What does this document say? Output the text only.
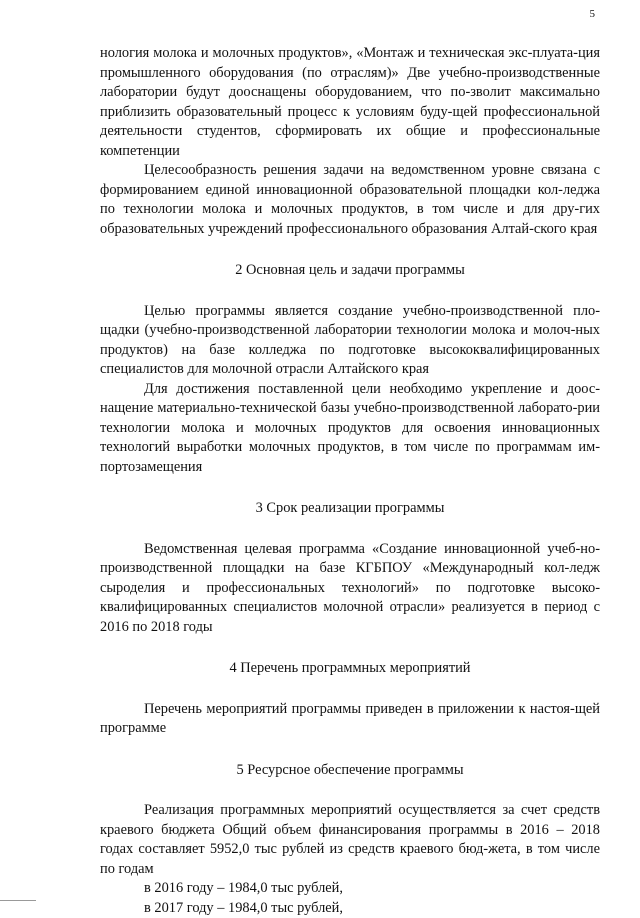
5

нология молока и молочных продуктов», «Монтаж и техническая экс-плуата-ция промышленного оборудования (по отраслям)» Две учебно-производственные лаборатории будут дооснащены оборудованием, что по-зволит максимально приблизить образовательный процесс к условиям буду-щей профессиональной деятельности студентов, сформировать их общие и профессиональные компетенции

Целесообразность решения задачи на ведомственном уровне связана с формированием единой инновационной образовательной площадки кол-леджа по технологии молока и молочных продуктов, в том числе и для дру-гих образовательных учреждений профессионального образования Алтай-ского края

2 Основная цель и задачи программы

Целью программы является создание учебно-производственной пло-щадки (учебно-производственной лаборатории технологии молока и молоч-ных продуктов) на базе колледжа по подготовке высококвалифицированных специалистов для молочной отрасли Алтайского края

Для достижения поставленной цели необходимо укрепление и доос-нащение материально-технической базы учебно-производственной лаборато-рии технологии молока и молочных продуктов для освоения инновационных технологий выработки молочных продуктов, в том числе по программам им-портозамещения

3 Срок реализации программы

Ведомственная целевая программа «Создание инновационной учеб-но-производственной площадки на базе КГБПОУ «Международный кол-ледж сыроделия и профессиональных технологий» по подготовке высоко-квалифицированных специалистов молочной отрасли» реализуется в период с 2016 по 2018 годы

4 Перечень программных мероприятий

Перечень мероприятий программы приведен в приложении к настоя-щей программе

5 Ресурсное обеспечение программы

Реализация программных мероприятий осуществляется за счет средств краевого бюджета Общий объем финансирования программы в 2016 – 2018 годах составляет 5952,0 тыс рублей из средств краевого бюд-жета, в том числе по годам

в 2016 году – 1984,0 тыс рублей,

в 2017 году – 1984,0 тыс рублей,
